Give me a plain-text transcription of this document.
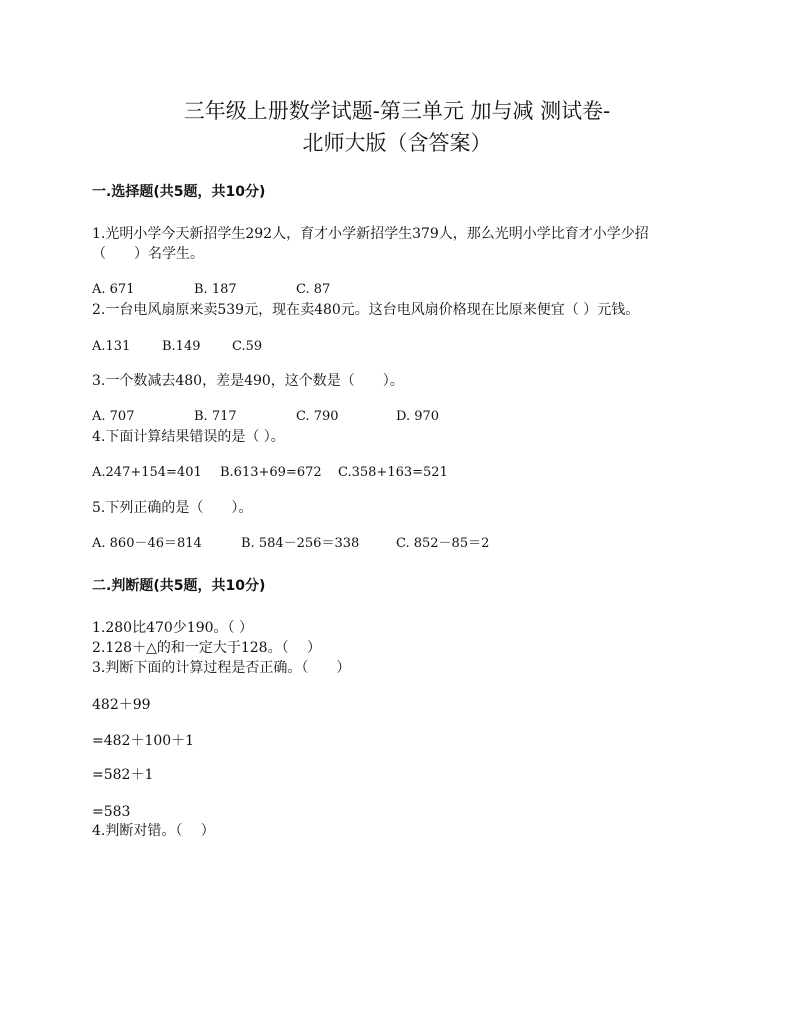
三年级上册数学试题-第三单元 加与减 测试卷-
北师大版（含答案）
一.选择题(共5题，共10分)
1.光明小学今天新招学生292人，育才小学新招学生379人，那么光明小学比育才小学少招
（　　）名学生。
A. 671	B. 187	C. 87
2.一台电风扇原来卖539元，现在卖480元。这台电风扇价格现在比原来便宜（ ）元钱。
A.131 B.149 C.59
3.一个数减去480，差是490，这个数是（　　）。
A. 707	B. 717	C. 790	D. 970
4.下面计算结果错误的是（ ）。
A.247+154=401 B.613+69=672 C.358+163=521
5.下列正确的是（　　）。
A. 860－46＝814	B. 584－256＝338	C. 852－85＝2
二.判断题(共5题，共10分)
1.280比470少190。（ ）
2.128＋△的和一定大于128。（　 ）
3.判断下面的计算过程是否正确。（　　）
482＋99
=482＋100＋1
=582＋1
=583
4.判断对错。（　 ）
